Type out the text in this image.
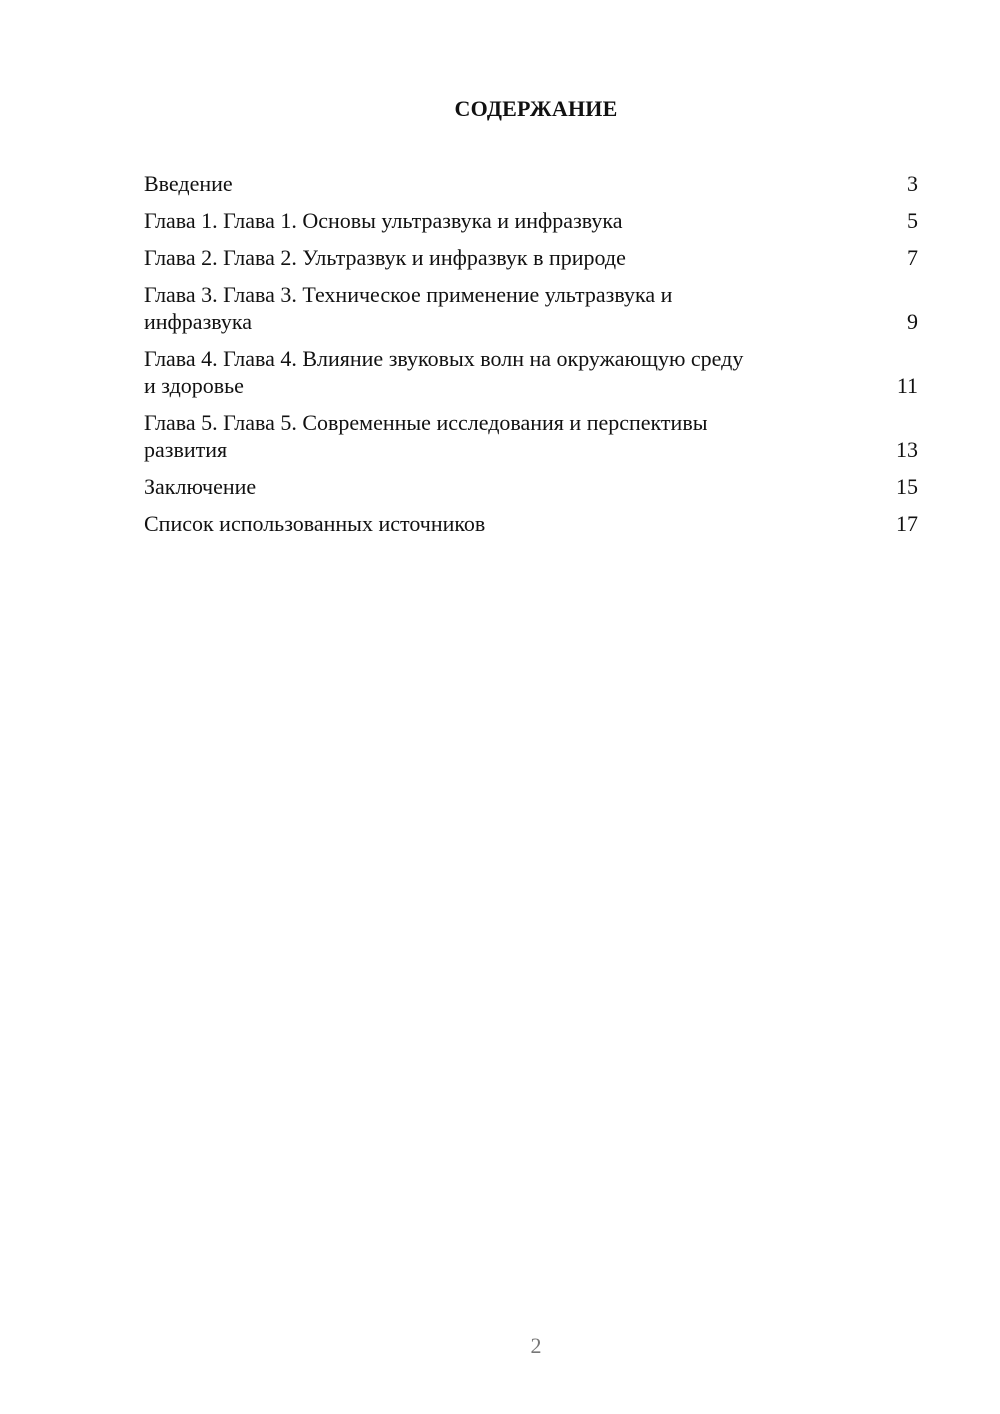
СОДЕРЖАНИЕ
Введение	3
Глава 1. Глава 1. Основы ультразвука и инфразвука	5
Глава 2. Глава 2. Ультразвук и инфразвук в природе	7
Глава 3. Глава 3. Техническое применение ультразвука и
инфразвука	9
Глава 4. Глава 4. Влияние звуковых волн на окружающую среду
и здоровье	11
Глава 5. Глава 5. Современные исследования и перспективы
развития	13
Заключение	15
Список использованных источников	17
2
